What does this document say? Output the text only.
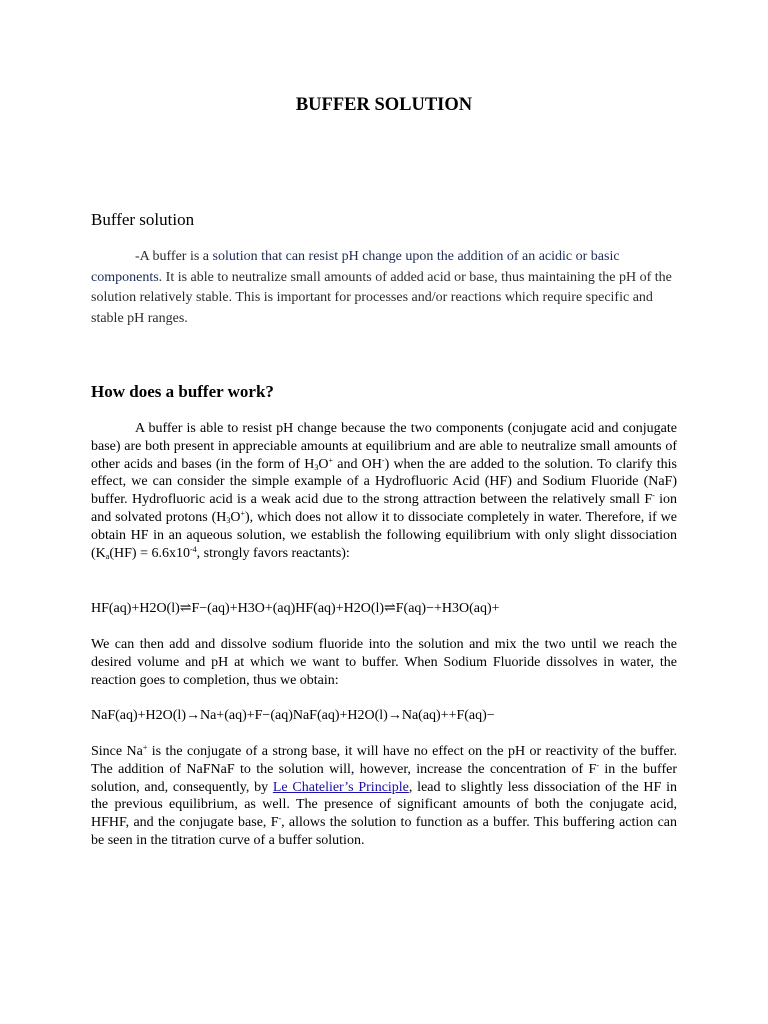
BUFFER SOLUTION
Buffer solution

-A buffer is a solution that can resist pH change upon the addition of an acidic or basic components. It is able to neutralize small amounts of added acid or base, thus maintaining the pH of the solution relatively stable. This is important for processes and/or reactions which require specific and stable pH ranges.

How does a buffer work?

A buffer is able to resist pH change because the two components (conjugate acid and conjugate base) are both present in appreciable amounts at equilibrium and are able to neutralize small amounts of other acids and bases (in the form of $H_3O^+$ and OH-) when the are added to the solution. To clarify this effect, we can consider the simple example of a Hydrofluoric Acid (HF) and Sodium Fluoride (NaF) buffer. Hydrofluoric acid is a weak acid due to the strong attraction between the relatively small F- ion and solvated protons $(H_3O^+)$, which does not allow it to dissociate completely in water. Therefore, if we obtain HF in an aqueous solution, we establish the following equilibrium with only slight dissociation ($K_a(HF) = 6.6x10^{-4}$, strongly favors reactants):

HF(aq)+H2O(l)⇌F−(aq)+H3O+(aq)HF(aq)+H2O(l)⇌F(aq)−+H3O(aq)+

We can then add and dissolve sodium fluoride into the solution and mix the two until we reach the desired volume and pH at which we want to buffer. When Sodium Fluoride dissolves in water, the reaction goes to completion, thus we obtain:

NaF(aq)+H2O(l)→Na+(aq)+F−(aq)NaF(aq)+H2O(l)→Na(aq)++F(aq)−

Since Na+ is the conjugate of a strong base, it will have no effect on the pH or reactivity of the buffer. The addition of NaFNaF to the solution will, however, increase the concentration of F- in the buffer solution, and, consequently, by Le Chatelier’s Principle, lead to slightly less dissociation of the HF in the previous equilibrium, as well. The presence of significant amounts of both the conjugate acid, HFHF, and the conjugate base, F-, allows the solution to function as a buffer. This buffering action can be seen in the titration curve of a buffer solution.
